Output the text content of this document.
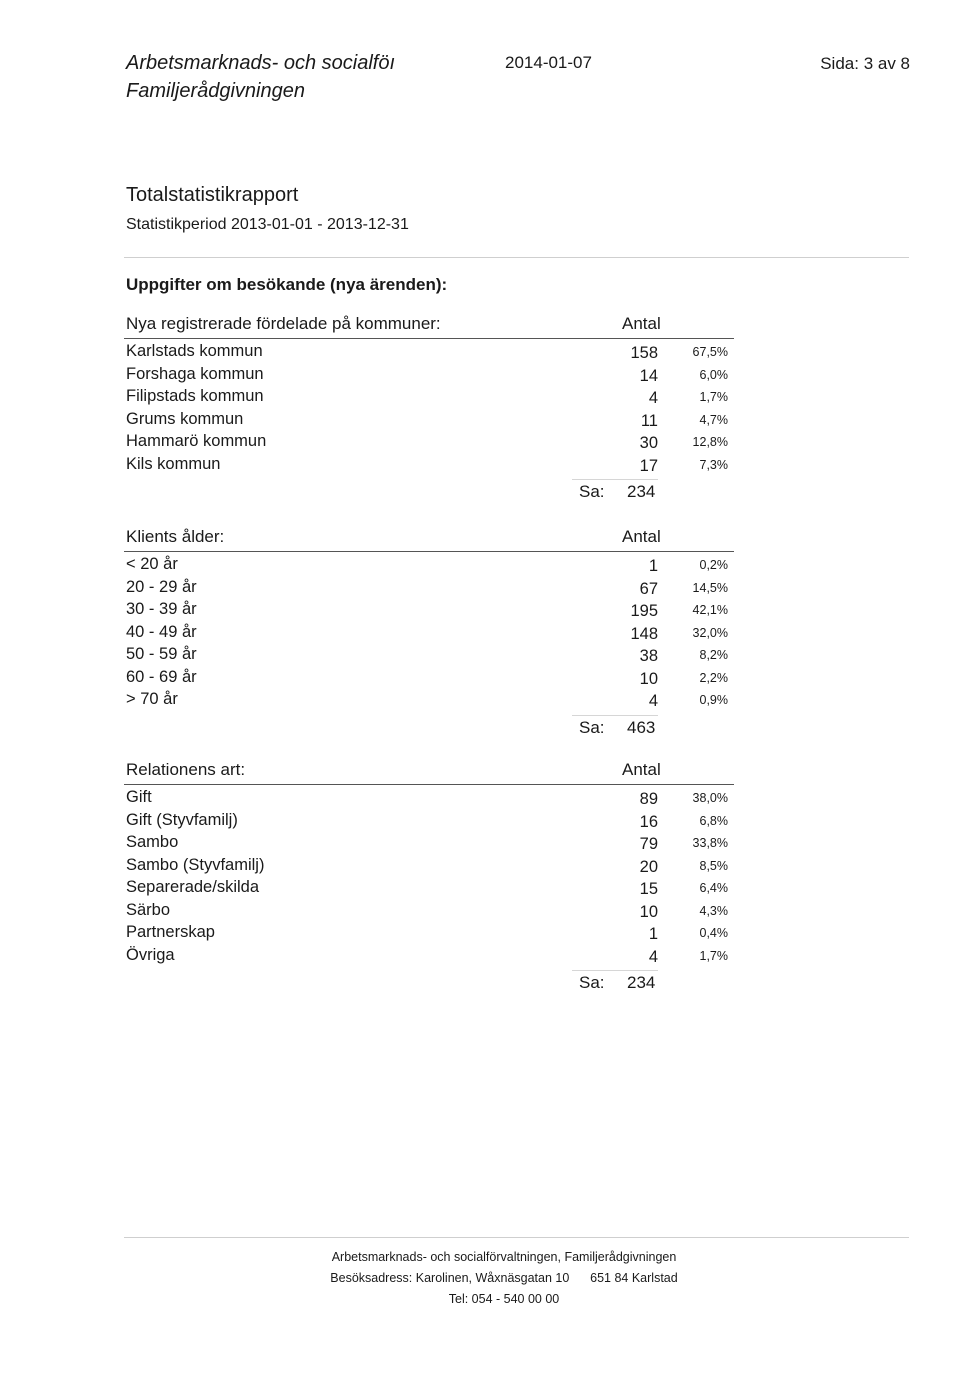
Arbetsmarknads- och socialföı
Familjerådgivningen
2014-01-07	Sida: 3 av 8
Totalstatistikrapport
Statistikperiod 2013-01-01 - 2013-12-31
Uppgifter om besökande (nya ärenden):
Nya registrerade fördelade på kommuner:	Antal
Karlstads kommun	158	67,5%
Forshaga kommun	14	6,0%
Filipstads kommun	4	1,7%
Grums kommun	11	4,7%
Hammarö kommun	30	12,8%
Kils kommun	17	7,3%
Sa: 234
Klients ålder:	Antal
< 20 år	1	0,2%
20 - 29 år	67	14,5%
30 - 39 år	195	42,1%
40 - 49 år	148	32,0%
50 - 59 år	38	8,2%
60 - 69 år	10	2,2%
> 70 år	4	0,9%
Sa: 463
Relationens art:	Antal
Gift	89	38,0%
Gift (Styvfamilj)	16	6,8%
Sambo	79	33,8%
Sambo (Styvfamilj)	20	8,5%
Separerade/skilda	15	6,4%
Särbo	10	4,3%
Partnerskap	1	0,4%
Övriga	4	1,7%
Sa: 234
Arbetsmarknads- och socialförvaltningen, Familjerådgivningen
Besöksadress: Karolinen, Wåxnäsgatan 10      651 84 Karlstad
Tel: 054 - 540 00 00
